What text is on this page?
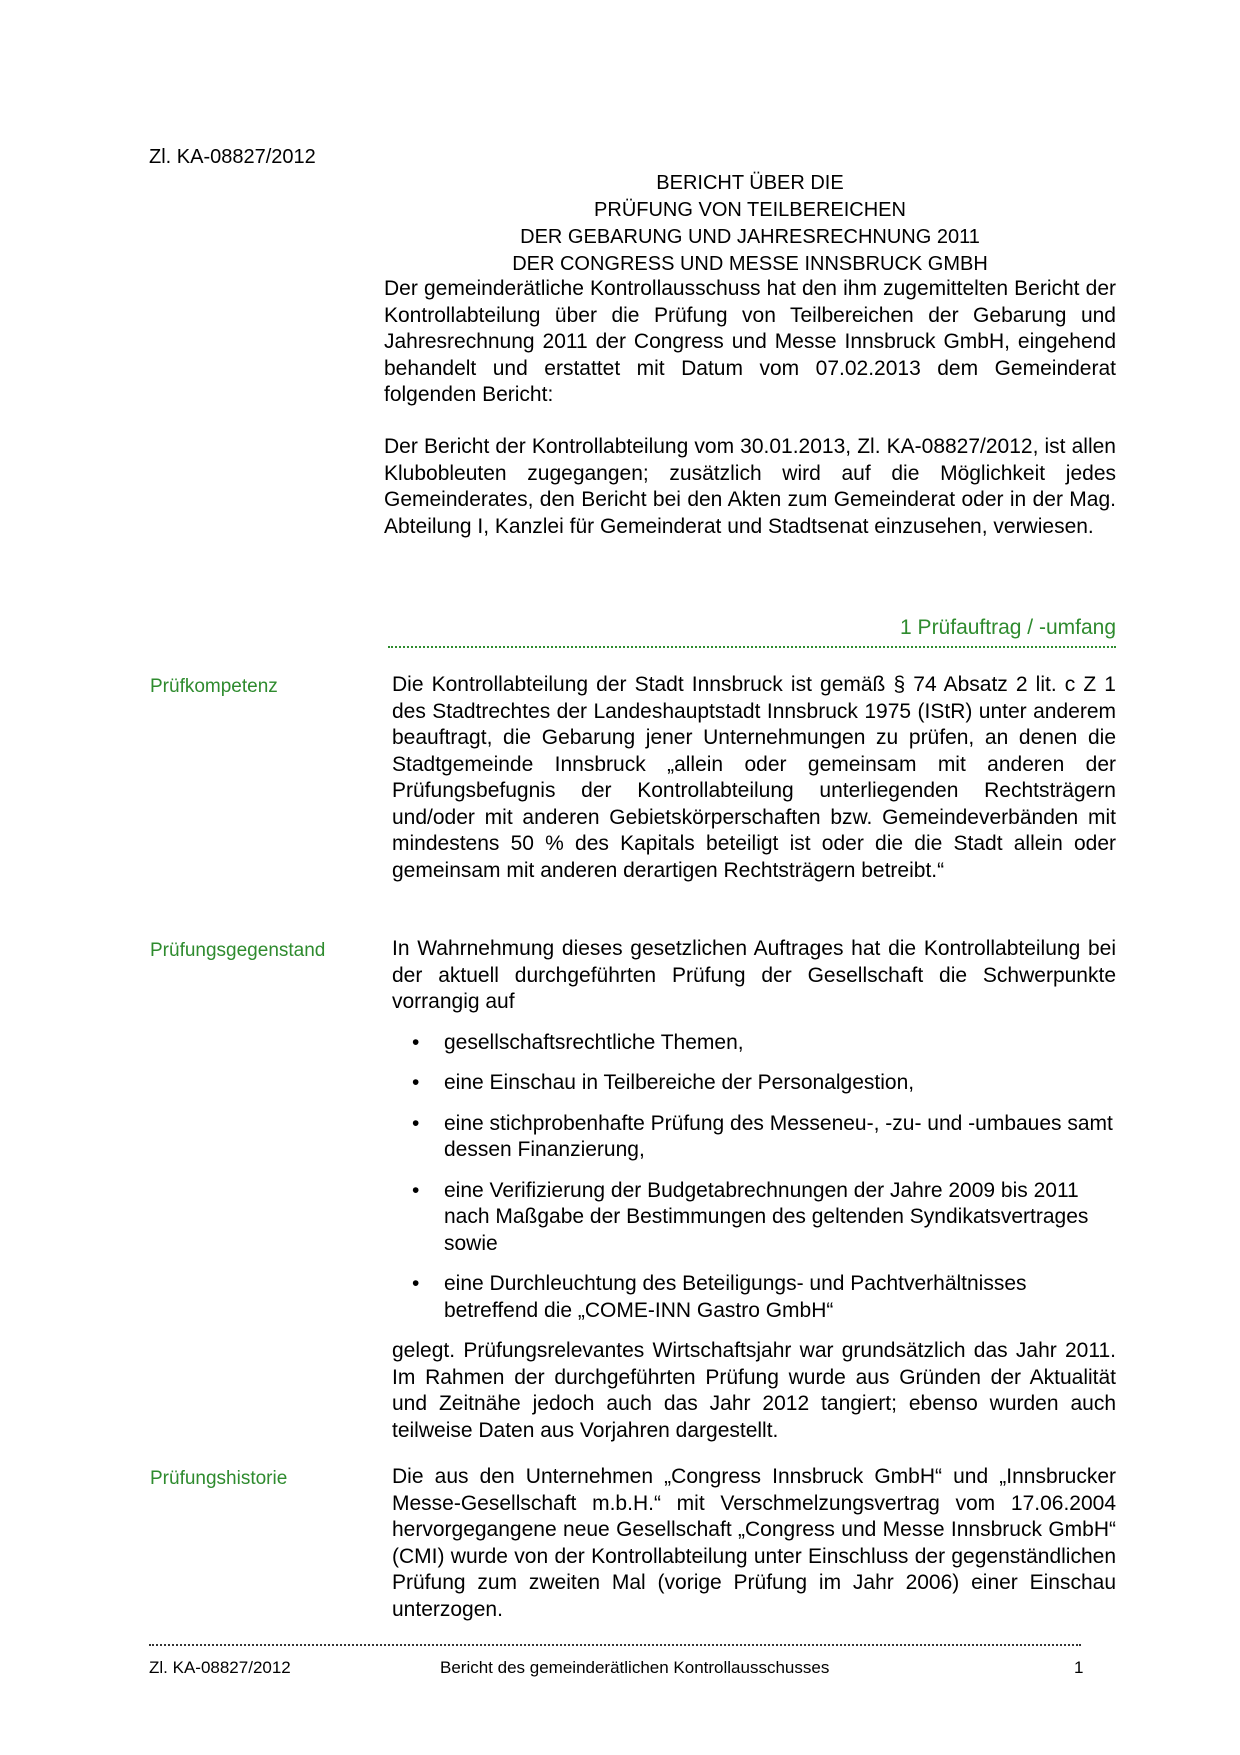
Zl. KA-08827/2012
BERICHT ÜBER DIE
PRÜFUNG VON TEILBEREICHEN
DER GEBARUNG UND JAHRESRECHNUNG 2011
DER CONGRESS UND MESSE INNSBRUCK GMBH

Der gemeinderätliche Kontrollausschuss hat den ihm zugemittelten Bericht der Kontrollabteilung über die Prüfung von Teilbereichen der Gebarung und Jahresrechnung 2011 der Congress und Messe Innsbruck GmbH, eingehend behandelt und erstattet mit Datum vom 07.02.2013 dem Gemeinderat folgenden Bericht:

Der Bericht der Kontrollabteilung vom 30.01.2013, Zl. KA-08827/2012, ist allen Klubobleuten zugegangen; zusätzlich wird auf die Möglichkeit jedes Gemeinderates, den Bericht bei den Akten zum Gemeinderat oder in der Mag. Abteilung I, Kanzlei für Gemeinderat und Stadtsenat einzusehen, verwiesen.

1 Prüfauftrag / -umfang
Prüfkompetenz	Die Kontrollabteilung der Stadt Innsbruck ist gemäß § 74 Absatz 2 lit. c Z 1 des Stadtrechtes der Landeshauptstadt Innsbruck 1975 (IStR) unter anderem beauftragt, die Gebarung jener Unternehmungen zu prüfen, an denen die Stadtgemeinde Innsbruck „allein oder gemeinsam mit anderen der Prüfungsbefugnis der Kontrollabteilung unterliegenden Rechtsträgern und/oder mit anderen Gebietskörperschaften bzw. Gemeindeverbänden mit mindestens 50 % des Kapitals beteiligt ist oder die die Stadt allein oder gemeinsam mit anderen derartigen Rechtsträgern betreibt.“

Prüfungsgegenstand	In Wahrnehmung dieses gesetzlichen Auftrages hat die Kontrollabteilung bei der aktuell durchgeführten Prüfung der Gesellschaft die Schwerpunkte vorrangig auf

• gesellschaftsrechtliche Themen,
• eine Einschau in Teilbereiche der Personalgestion,
• eine stichprobenhafte Prüfung des Messeneu-, -zu- und -umbaues samt dessen Finanzierung,
• eine Verifizierung der Budgetabrechnungen der Jahre 2009 bis 2011 nach Maßgabe der Bestimmungen des geltenden Syndikatsvertrages sowie
• eine Durchleuchtung des Beteiligungs- und Pachtverhältnisses betreffend die „COME-INN Gastro GmbH“

gelegt. Prüfungsrelevantes Wirtschaftsjahr war grundsätzlich das Jahr 2011. Im Rahmen der durchgeführten Prüfung wurde aus Gründen der Aktualität und Zeitnähe jedoch auch das Jahr 2012 tangiert; ebenso wurden auch teilweise Daten aus Vorjahren dargestellt.

Prüfungshistorie	Die aus den Unternehmen „Congress Innsbruck GmbH“ und „Innsbrucker Messe-Gesellschaft m.b.H.“ mit Verschmelzungsvertrag vom 17.06.2004 hervorgegangene neue Gesellschaft „Congress und Messe Innsbruck GmbH“ (CMI) wurde von der Kontrollabteilung unter Einschluss der gegenständlichen Prüfung zum zweiten Mal (vorige Prüfung im Jahr 2006) einer Einschau unterzogen.

Zl. KA-08827/2012	Bericht des gemeinderätlichen Kontrollausschusses	1
